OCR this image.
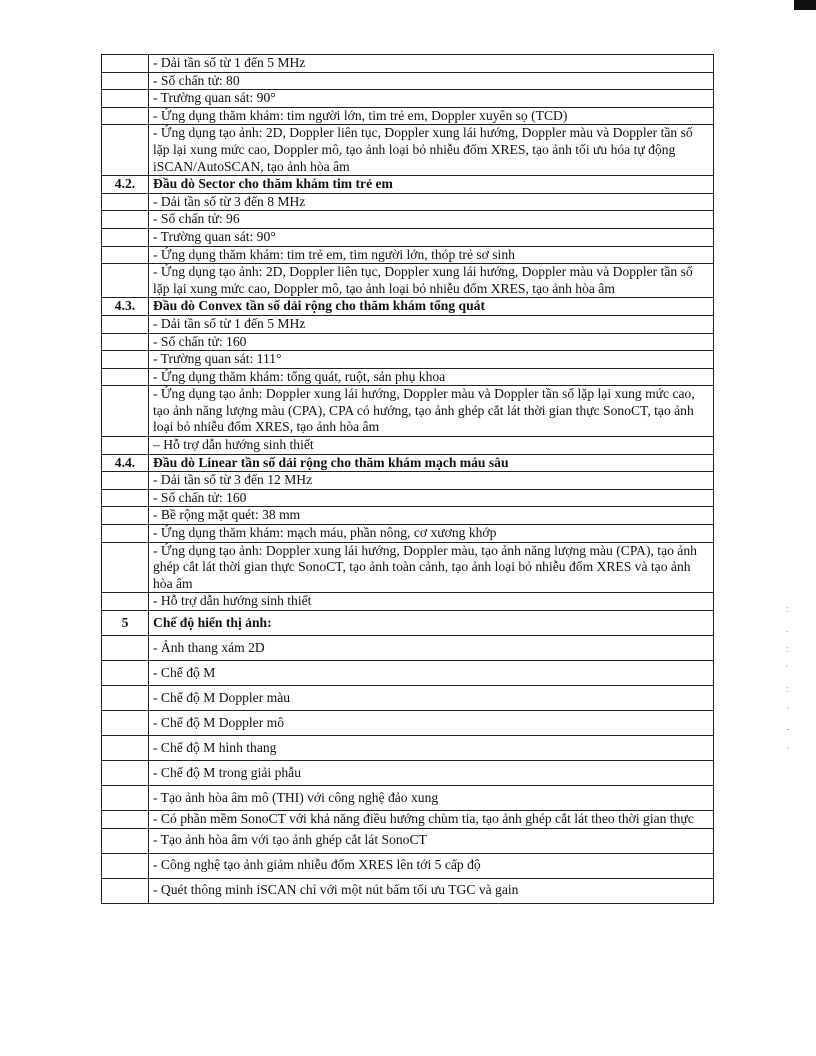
	- Dải tần số từ 1 đến 5 MHz
	- Số chấn tử: 80
	- Trường quan sát: 90°
	- Ứng dụng thăm khám: tim người lớn, tim trẻ em, Doppler xuyên sọ (TCD)
	- Ứng dụng tạo ảnh: 2D, Doppler liên tục, Doppler xung lái hướng, Doppler màu và Doppler tần số lặp lại xung mức cao, Doppler mô, tạo ảnh loại bỏ nhiễu đốm XRES, tạo ảnh tối ưu hóa tự động iSCAN/AutoSCAN, tạo ảnh hòa âm
4.2.	Đầu dò Sector cho thăm khám tim trẻ em
	- Dải tần số từ 3 đến 8 MHz
	- Số chấn tử: 96
	- Trường quan sát: 90°
	- Ứng dụng thăm khám: tim trẻ em, tim người lớn, thóp trẻ sơ sinh
	- Ứng dụng tạo ảnh: 2D, Doppler liên tục, Doppler xung lái hướng, Doppler màu và Doppler tần số lặp lại xung mức cao, Doppler mô, tạo ảnh loại bỏ nhiễu đốm XRES, tạo ảnh hòa âm
4.3.	Đầu dò Convex tần số dải rộng cho thăm khám tổng quát
	- Dải tần số từ 1 đến 5 MHz
	- Số chấn tử: 160
	- Trường quan sát: 111°
	- Ứng dụng thăm khám: tổng quát, ruột, sản phụ khoa
	- Ứng dụng tạo ảnh: Doppler xung lái hướng, Doppler màu và Doppler tần số lặp lại xung mức cao, tạo ảnh năng lượng màu (CPA), CPA có hướng, tạo ảnh ghép cắt lát thời gian thực SonoCT, tạo ảnh loại bỏ nhiễu đốm XRES, tạo ảnh hòa âm
	– Hỗ trợ dẫn hướng sinh thiết
4.4.	Đầu dò Linear tần số dải rộng cho thăm khám mạch máu sâu
	- Dải tần số từ 3 đến 12 MHz
	- Số chấn tử: 160
	- Bề rộng mặt quét: 38 mm
	- Ứng dụng thăm khám: mạch máu, phần nông, cơ xương khớp
	- Ứng dụng tạo ảnh: Doppler xung lái hướng, Doppler màu, tạo ảnh năng lượng màu (CPA), tạo ảnh ghép cắt lát thời gian thực SonoCT, tạo ảnh toàn cảnh, tạo ảnh loại bỏ nhiễu đốm XRES và tạo ảnh hòa âm
	- Hỗ trợ dẫn hướng sinh thiết
5	Chế độ hiển thị ảnh:
	- Ảnh thang xám 2D
	- Chế độ M
	- Chế độ M Doppler màu
	- Chế độ M Doppler mô
	- Chế độ M hình thang
	- Chế độ M trong giải phẫu
	- Tạo ảnh hòa âm mô (THI) với công nghệ đảo xung
	- Có phần mềm SonoCT với khả năng điều hướng chùm tia, tạo ảnh ghép cắt lát theo thời gian thực
	- Tạo ảnh hòa âm với tạo ảnh ghép cắt lát SonoCT
	- Công nghệ tạo ảnh giảm nhiễu đốm XRES lên tới 5 cấp độ
	- Quét thông minh iSCAN chỉ với một nút bấm tối ưu TGC và gain
:
.
:
'
:
·
-
·
